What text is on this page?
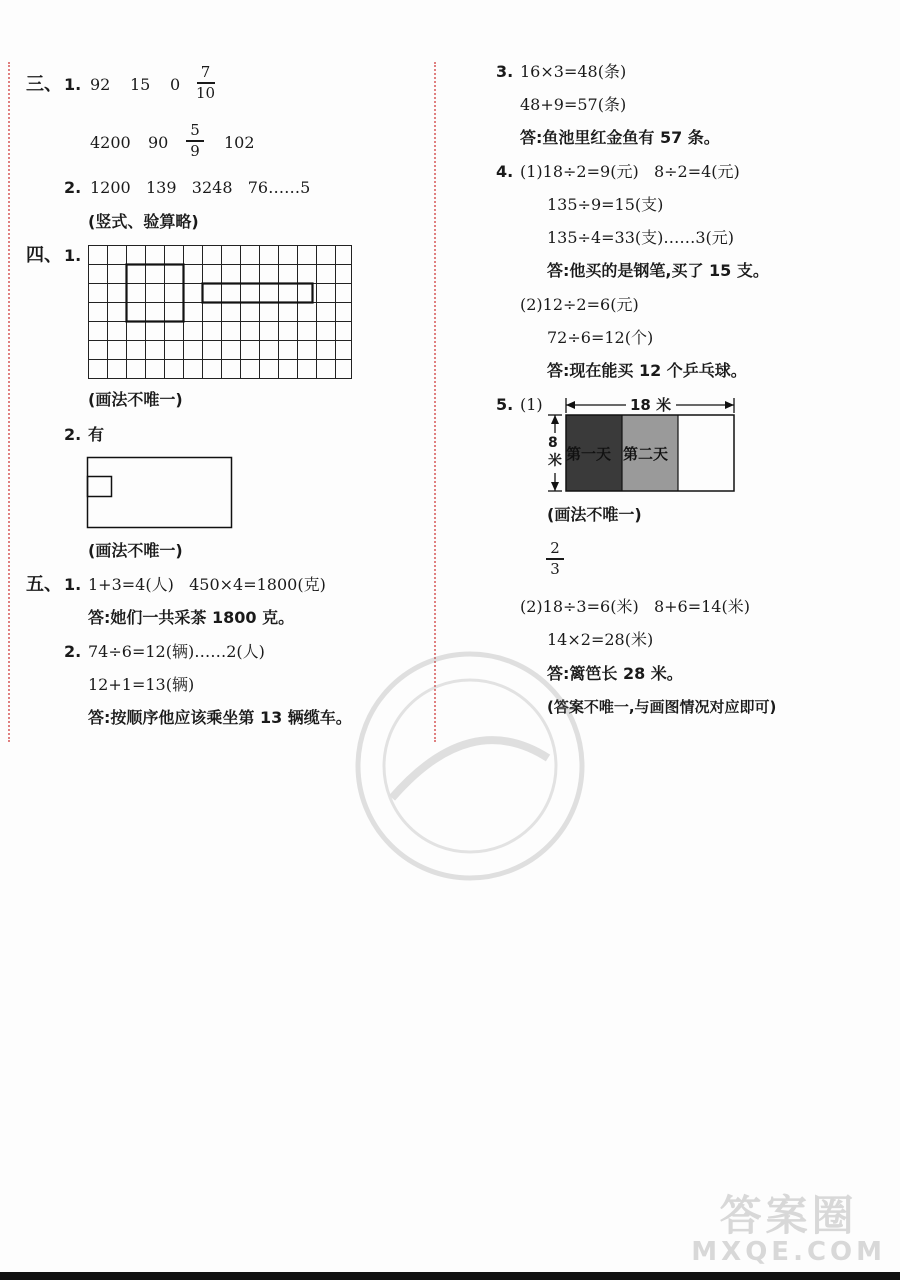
三、 1. 92 15 0
7
10
4200 90
5
9 102
2. 1200   139   3248   76……5
(竖式、验算略)
四、 1.
(画法不唯一)
2. 有
(画法不唯一)
五、 1. 1+3=4(人)   450×4=1800(克)
答:她们一共采茶 1800 克。
2. 74÷6=12(辆)……2(人)
12+1=13(辆)
答:按顺序他应该乘坐第 13 辆缆车。
3. 16×3=48(条)
48+9=57(条)
答:鱼池里红金鱼有 57 条。
4. (1)18÷2=9(元)   8÷2=4(元)
135÷9=15(支)
135÷4=33(支)……3(元)
答:他买的是钢笔,买了 15 支。
(2)12÷2=6(元)
72÷6=12(个)
答:现在能买 12 个乒乓球。
5. (1)	18 米
8米 第一天 第二天
(画法不唯一)
2
3
(2)18÷3=6(米)   8+6=14(米)
14×2=28(米)
答:篱笆长 28 米。
(答案不唯一,与画图情况对应即可)
答案圈
MXQE.COM
